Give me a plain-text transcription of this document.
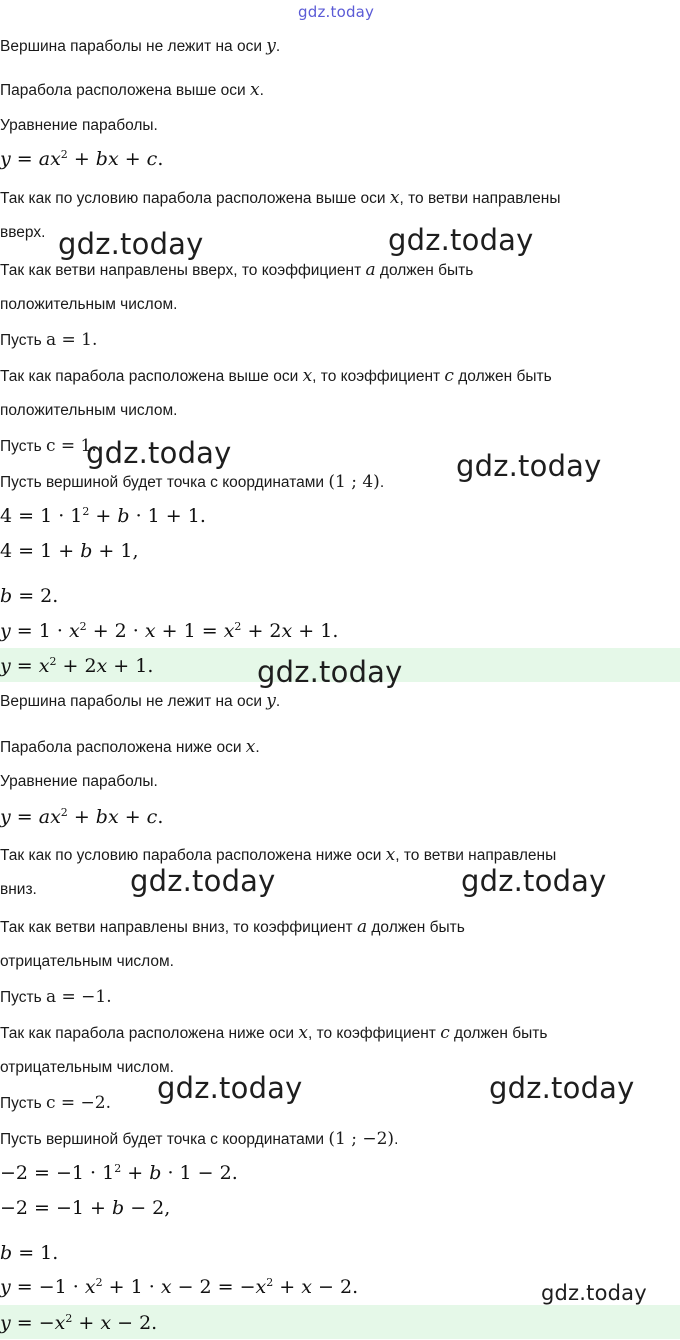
gdz.today
Вершина параболы не лежит на оси y.
Парабола расположена выше оси x.
Уравнение параболы.
$y = ax^2$ + bx + c.
Так как по условию парабола расположена выше оси x, то ветви направлены
вверх.
Так как ветви направлены вверх, то коэффициент a должен быть
положительным числом.
Пусть a = 1.
Так как парабола расположена выше оси x, то коэффициент c должен быть
положительным числом.
Пусть c = 1.
Пусть вершиной будет точка с координатами (1 ; 4).
$4 = 1 \cdot 1^2 + b \cdot 1 + 1$.
4 = 1 + b + 1,
b = 2.
$y = 1 \cdot x^2 + 2 \cdot x + 1 = x^2 + 2x + 1$.
$y = x^2 + 2x + 1$.
Вершина параболы не лежит на оси y.
Парабола расположена ниже оси x.
Уравнение параболы.
$y = ax^2$ + bx + c.
Так как по условию парабола расположена ниже оси x, то ветви направлены
вниз.
Так как ветви направлены вниз, то коэффициент a должен быть
отрицательным числом.
Пусть a = −1.
Так как парабола расположена ниже оси x, то коэффициент c должен быть
отрицательным числом.
Пусть c = −2.
Пусть вершиной будет точка с координатами (1 ; −2).
$-2 = -1 \cdot 1^2 + b \cdot 1 - 2$.
−2 = −1 + b − 2,
b = 1.
$y = -1 \cdot x^2 + 1 \cdot x - 2 = -x^2 + x - 2$.
$y = -x^2 + x - 2$.
gdz.today	gdz.today
gdz.today	gdz.today
gdz.today
gdz.today	gdz.today
gdz.today	gdz.today
gdz.today
